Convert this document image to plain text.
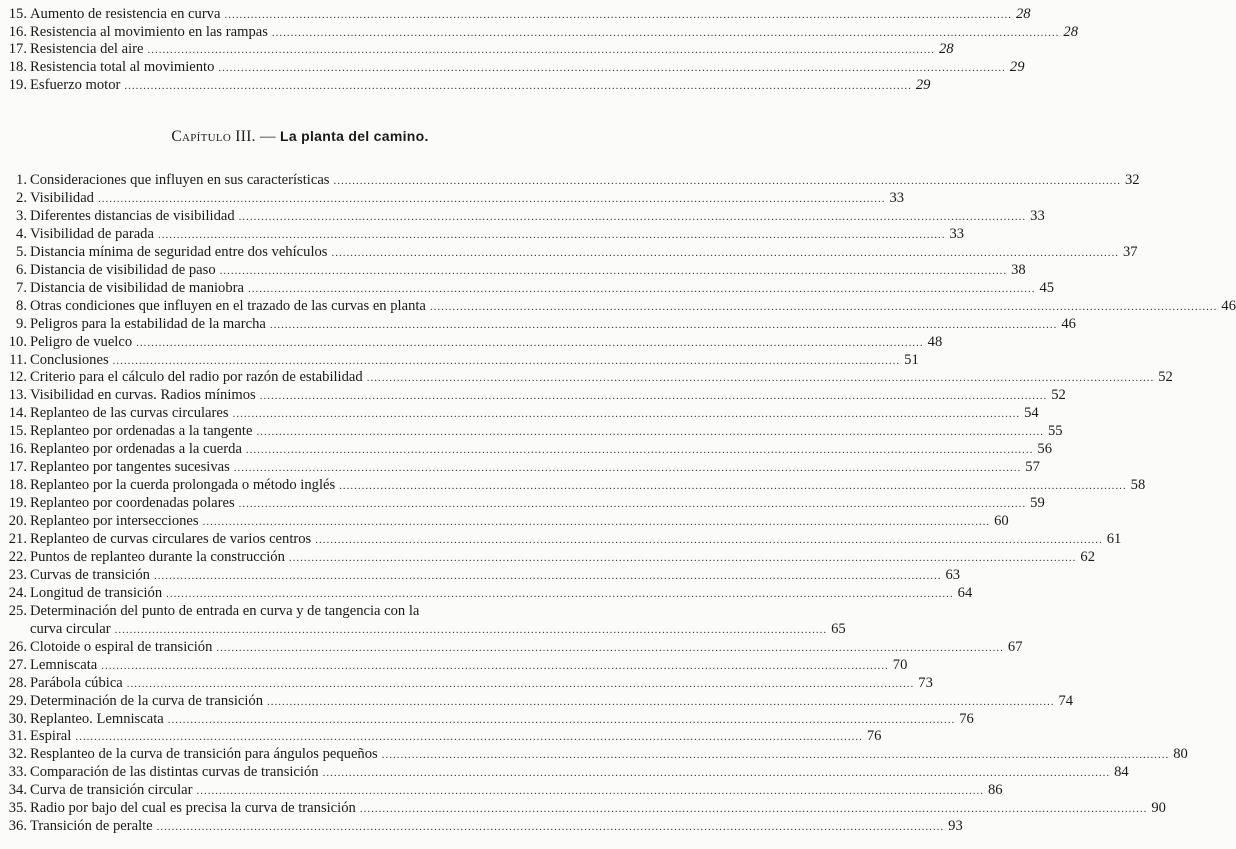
15. Aumento de resistencia en curva .....	28
16. Resistencia al movimiento en las rampas .....	28
17. Resistencia del aire .....	28
18. Resistencia total al movimiento .....	29
19. Esfuerzo motor .....	29
Capítulo III. — La planta del camino.
1. Consideraciones que influyen en sus características .....	32
2. Visibilidad .....	33
3. Diferentes distancias de visibilidad .....	33
4. Visibilidad de parada .....	33
5. Distancia mínima de seguridad entre dos vehículos .....	37
6. Distancia de visibilidad de paso .....	38
7. Distancia de visibilidad de maniobra .....	45
8. Otras condiciones que influyen en el trazado de las curvas en planta .....	46
9. Peligros para la estabilidad de la marcha .....	46
10. Peligro de vuelco .....	48
11. Conclusiones .....	51
12. Criterio para el cálculo del radio por razón de estabilidad .....	52
13. Visibilidad en curvas. Radios mínimos .....	52
14. Replanteo de las curvas circulares .....	54
15. Replanteo por ordenadas a la tangente .....	55
16. Replanteo por ordenadas a la cuerda .....	56
17. Replanteo por tangentes sucesivas .....	57
18. Replanteo por la cuerda prolongada o método inglés .....	58
19. Replanteo por coordenadas polares .....	59
20. Replanteo por intersecciones .....	60
21. Replanteo de curvas circulares de varios centros .....	61
22. Puntos de replanteo durante la construcción .....	62
23. Curvas de transición .....	63
24. Longitud de transición .....	64
25. Determinación del punto de entrada en curva y de tangencia con la
curva circular .....	65
26. Clotoide o espiral de transición .....	67
27. Lemniscata .....	70
28. Parábola cúbica .....	73
29. Determinación de la curva de transición .....	74
30. Replanteo. Lemniscata .....	76
31. Espiral .....	76
32. Resplanteo de la curva de transición para ángulos pequeños .....	80
33. Comparación de las distintas curvas de transición .....	84
34. Curva de transición circular .....	86
35. Radio por bajo del cual es precisa la curva de transición .....	90
36. Transición de peralte .....	93
